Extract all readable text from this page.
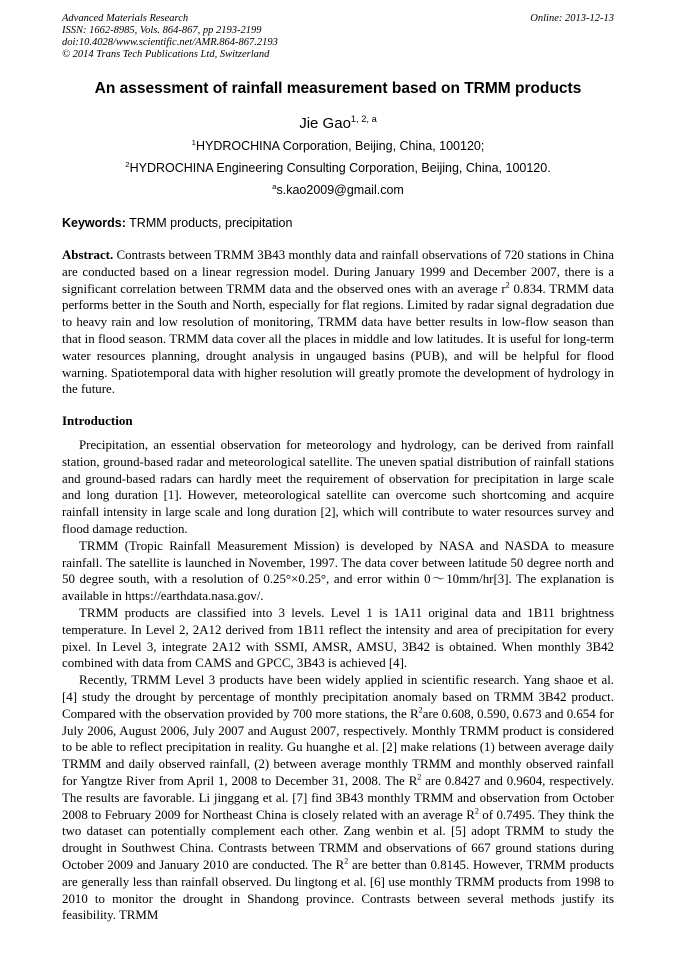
Advanced Materials Research
ISSN: 1662-8985, Vols. 864-867, pp 2193-2199
doi:10.4028/www.scientific.net/AMR.864-867.2193
© 2014 Trans Tech Publications Ltd, Switzerland
Online: 2013-12-13
An assessment of rainfall measurement based on TRMM products
Jie Gao$^{1, 2, a}$
$^1$HYDROCHINA Corporation, Beijing, China, 100120;
$^2$HYDROCHINA Engineering Consulting Corporation, Beijing, China, 100120.
$^a$s.kao2009@gmail.com
Keywords: TRMM products, precipitation

Abstract. Contrasts between TRMM 3B43 monthly data and rainfall observations of 720 stations in China are conducted based on a linear regression model. During January 1999 and December 2007, there is a significant correlation between TRMM data and the observed ones with an average $r^2$ 0.834. TRMM data performs better in the South and North, especially for flat regions. Limited by radar signal degradation due to heavy rain and low resolution of monitoring, TRMM data have better results in low-flow season than that in flood season. TRMM data cover all the places in middle and low latitudes. It is useful for long-term water resources planning, drought analysis in ungauged basins (PUB), and will be helpful for flood warning. Spatiotemporal data with higher resolution will greatly promote the development of hydrology in the future.

Introduction

Precipitation, an essential observation for meteorology and hydrology, can be derived from rainfall station, ground-based radar and meteorological satellite. The uneven spatial distribution of rainfall stations and ground-based radars can hardly meet the requirement of observation for precipitation in large scale and long duration [1]. However, meteorological satellite can overcome such shortcoming and acquire rainfall intensity in large scale and long duration [2], which will contribute to water resources survey and flood damage reduction.

TRMM (Tropic Rainfall Measurement Mission) is developed by NASA and NASDA to measure rainfall. The satellite is launched in November, 1997. The data cover between latitude 50 degree north and 50 degree south, with a resolution of 0.25°×0.25°, and error within 0～10mm/hr[3]. The explanation is available in https://earthdata.nasa.gov/.

TRMM products are classified into 3 levels. Level 1 is 1A11 original data and 1B11 brightness temperature. In Level 2, 2A12 derived from 1B11 reflect the intensity and area of precipitation for every pixel. In Level 3, integrate 2A12 with SSMI, AMSR, AMSU, 3B42 is obtained. When monthly 3B42 combined with data from CAMS and GPCC, 3B43 is achieved [4].

Recently, TRMM Level 3 products have been widely applied in scientific research. Yang shaoe et al. [4] study the drought by percentage of monthly precipitation anomaly based on TRMM 3B42 product. Compared with the observation provided by 700 more stations, the $R^2are$ 0.608, 0.590, 0.673 and 0.654 for July 2006, August 2006, July 2007 and August 2007, respectively. Monthly TRMM product is considered to be able to reflect precipitation in reality. Gu huanghe et al. [2] make relations (1) between average daily TRMM and daily observed rainfall, (2) between average monthly TRMM and monthly observed rainfall for Yangtze River from April 1, 2008 to December 31, 2008. The $R^2$ are 0.8427 and 0.9604, respectively. The results are favorable. Li jinggang et al. [7] find 3B43 monthly TRMM and observation from October 2008 to February 2009 for Northeast China is closely related with an average $R^2$ of 0.7495. They think the two dataset can potentially complement each other. Zang wenbin et al. [5] adopt TRMM to study the drought in Southwest China. Contrasts between TRMM and observations of 667 ground stations during October 2009 and January 2010 are conducted. The $R^2$ are better than 0.8145. However, TRMM products are generally less than rainfall observed. Du lingtong et al. [6] use monthly TRMM products from 1998 to 2010 to monitor the drought in Shandong province. Contrasts between several methods justify its feasibility. TRMM
